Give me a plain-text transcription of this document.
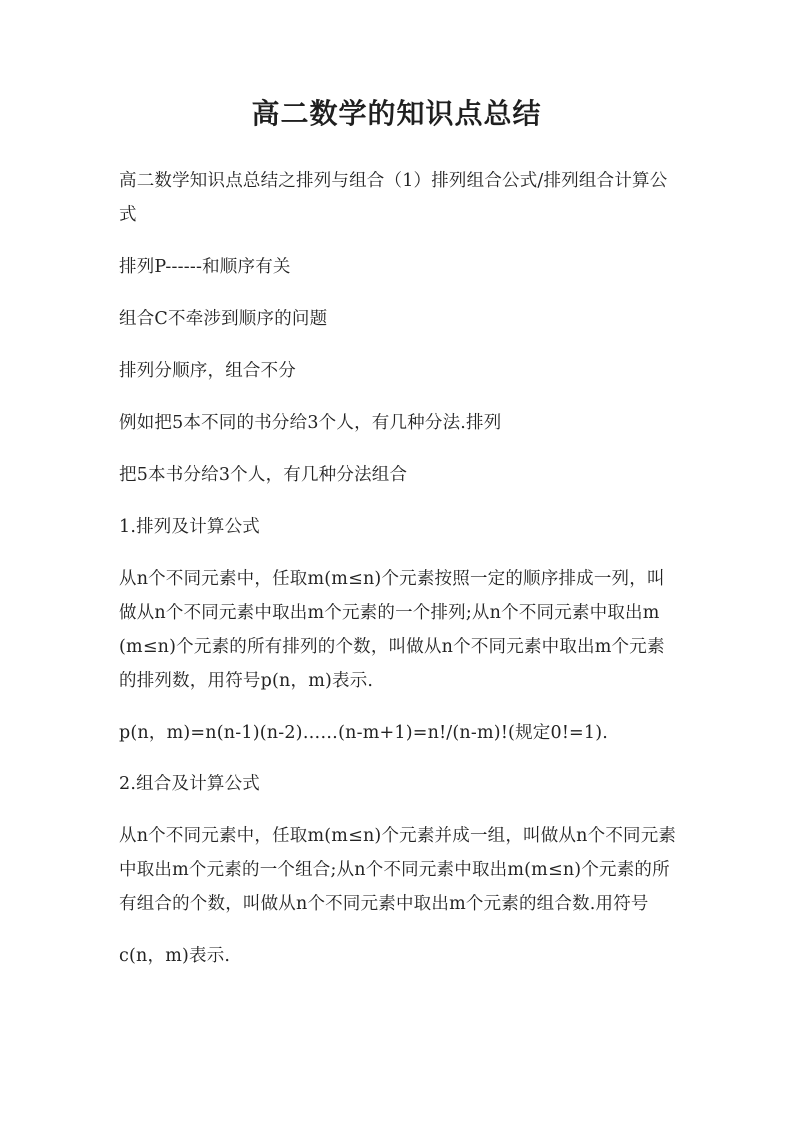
高二数学的知识点总结

高二数学知识点总结之排列与组合（1）排列组合公式/排列组合计算公式

排列P------和顺序有关

组合C不牵涉到顺序的问题

排列分顺序，组合不分

例如把5本不同的书分给3个人，有几种分法.排列

把5本书分给3个人，有几种分法组合

1.排列及计算公式

从n个不同元素中，任取m(m≤n)个元素按照一定的顺序排成一列，叫做从n个不同元素中取出m个元素的一个排列;从n个不同元素中取出m(m≤n)个元素的所有排列的个数，叫做从n个不同元素中取出m个元素的排列数，用符号p(n，m)表示.

p(n，m)=n(n-1)(n-2)……(n-m+1)=n!/(n-m)!(规定0!=1).

2.组合及计算公式

从n个不同元素中，任取m(m≤n)个元素并成一组，叫做从n个不同元素中取出m个元素的一个组合;从n个不同元素中取出m(m≤n)个元素的所有组合的个数，叫做从n个不同元素中取出m个元素的组合数.用符号

c(n，m)表示.
